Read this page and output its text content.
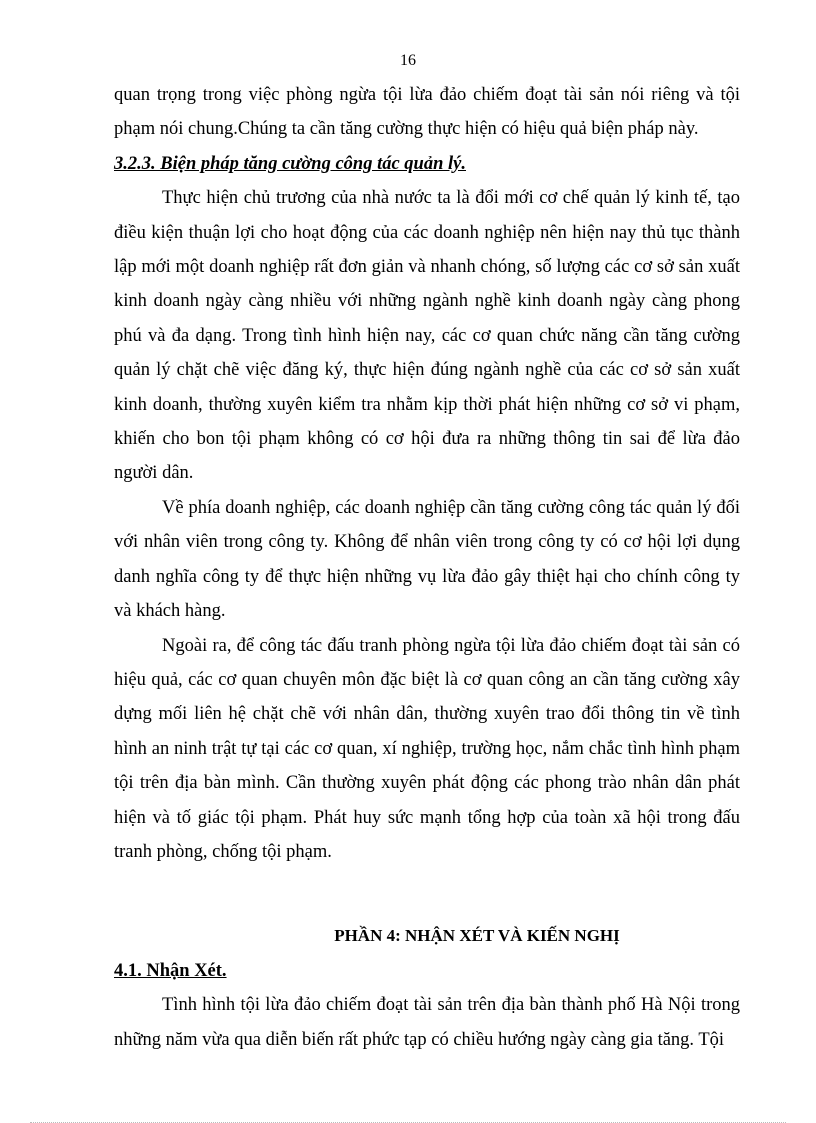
16

quan trọng trong việc phòng ngừa tội lừa đảo chiếm đoạt tài sản nói riêng và tội phạm nói chung.Chúng ta cần tăng cường thực hiện có hiệu quả biện pháp này.

3.2.3. Biện pháp tăng cường công tác quản lý.

Thực hiện chủ trương của nhà nước ta là đổi mới cơ chế quản lý kinh tế, tạo điều kiện thuận lợi cho hoạt động của các doanh nghiệp nên hiện nay thủ tục thành lập mới một doanh nghiệp rất đơn giản và nhanh chóng, số lượng các cơ sở sản xuất kinh doanh ngày càng nhiều với những ngành nghề kinh doanh ngày càng phong phú và đa dạng. Trong tình hình hiện nay, các cơ quan chức năng cần tăng cường quản lý chặt chẽ việc đăng ký, thực hiện đúng ngành nghề của các cơ sở sản xuất kinh doanh, thường xuyên kiểm tra nhằm kịp thời phát hiện những cơ sở vi phạm, khiến cho bon tội phạm không có cơ hội đưa ra những thông tin sai để lừa đảo người dân.

Về phía doanh nghiệp, các doanh nghiệp cần tăng cường công tác quản lý đối với nhân viên trong công ty. Không để nhân viên trong công ty có cơ hội lợi dụng danh nghĩa công ty để thực hiện những vụ lừa đảo gây thiệt hại cho chính công ty và khách hàng.

Ngoài ra, để công tác đấu tranh phòng ngừa tội lừa đảo chiếm đoạt tài sản có hiệu quả, các cơ quan chuyên môn đặc biệt là cơ quan công an cần tăng cường xây dựng mối liên hệ chặt chẽ với nhân dân, thường xuyên trao đổi thông tin về tình hình an ninh trật tự tại các cơ quan, xí nghiệp, trường học, nắm chắc tình hình phạm tội trên địa bàn mình. Cần thường xuyên phát động các phong trào nhân dân phát hiện và tố giác tội phạm. Phát huy sức mạnh tổng hợp của toàn xã hội trong đấu tranh phòng, chống tội phạm.

PHẦN 4: NHẬN XÉT VÀ KIẾN NGHỊ

4.1. Nhận Xét.

Tình hình tội lừa đảo chiếm đoạt tài sản trên địa bàn thành phố Hà Nội trong những năm vừa qua diễn biến rất phức tạp có chiều hướng ngày càng gia tăng. Tội
